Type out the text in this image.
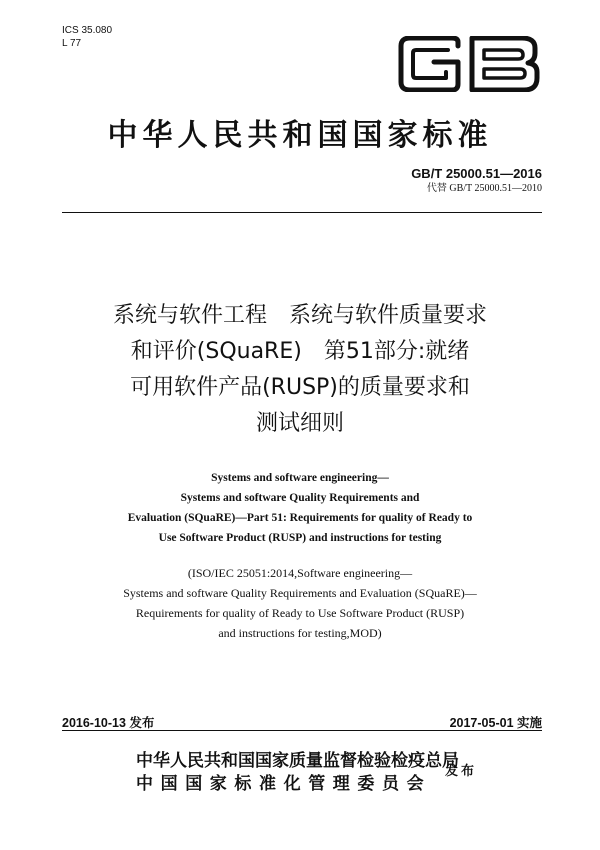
ICS 35.080
L 77
中华人民共和国国家标准
GB/T 25000.51—2016
代替 GB/T 25000.51—2010
系统与软件工程　系统与软件质量要求
和评价(SQuaRE)　第51部分:就绪
可用软件产品(RUSP)的质量要求和
测试细则
Systems and software engineering—
Systems and software Quality Requirements and
Evaluation (SQuaRE)—Part 51: Requirements for quality of Ready to
Use Software Product (RUSP) and instructions for testing
(ISO/IEC 25051:2014,Software engineering—
Systems and software Quality Requirements and Evaluation (SQuaRE)—
Requirements for quality of Ready to Use Software Product (RUSP)
and instructions for testing,MOD)
2016-10-13 发布	2017-05-01 实施
中华人民共和国国家质量监督检验检疫总局
中国国家标准化管理委员会
发布
